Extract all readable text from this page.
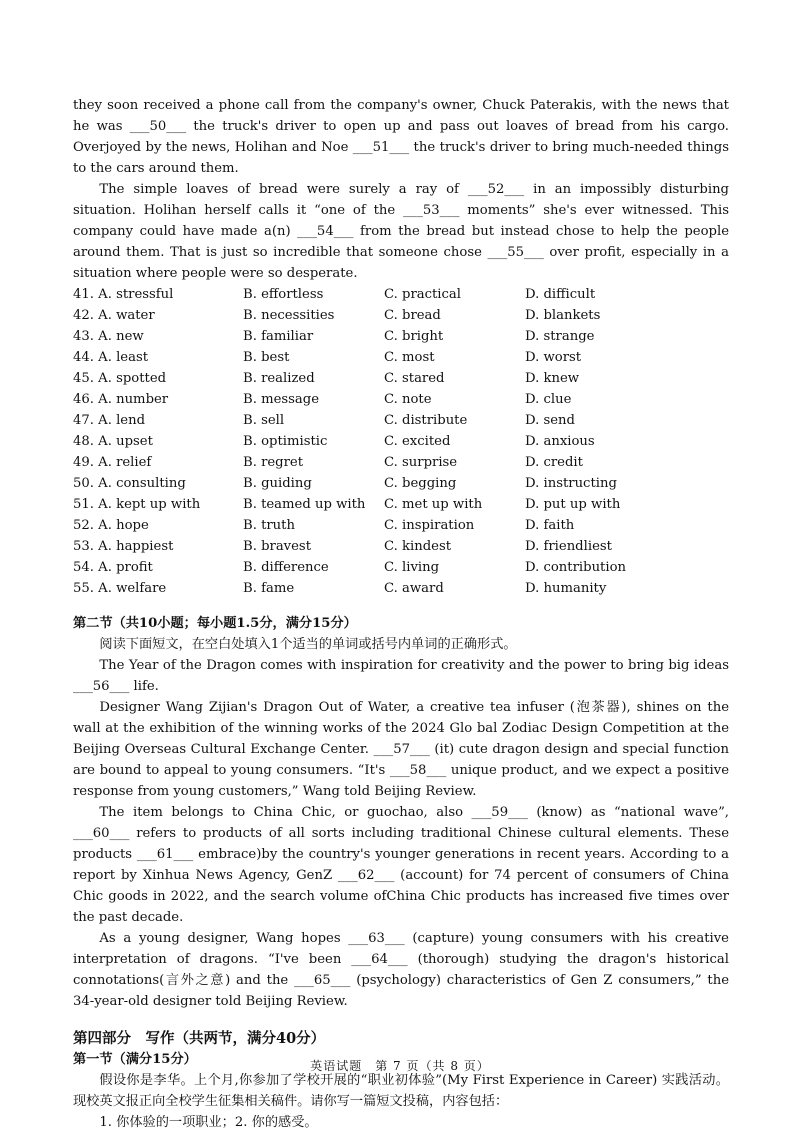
they soon received a phone call from the company's owner, Chuck Paterakis, with the news that he was ___50___ the truck's driver to open up and pass out loaves of bread from his cargo. Overjoyed by the news, Holihan and Noe ___51___ the truck's driver to bring much-needed things to the cars around them.

The simple loaves of bread were surely a ray of ___52___ in an impossibly disturbing situation. Holihan herself calls it “one of the ___53___ moments” she's ever witnessed. This company could have made a(n) ___54___ from the bread but instead chose to help the people around them. That is just so incredible that someone chose ___55___ over profit, especially in a situation where people were so desperate.

41. A. stressful	B. effortless	C. practical	D. difficult
42. A. water	B. necessities	C. bread	D. blankets
43. A. new	B. familiar	C. bright	D. strange
44. A. least	B. best	C. most	D. worst
45. A. spotted	B. realized	C. stared	D. knew
46. A. number	B. message	C. note	D. clue
47. A. lend	B. sell	C. distribute	D. send
48. A. upset	B. optimistic	C. excited	D. anxious
49. A. relief	B. regret	C. surprise	D. credit
50. A. consulting	B. guiding	C. begging	D. instructing
51. A. kept up with	B. teamed up with	C. met up with	D. put up with
52. A. hope	B. truth	C. inspiration	D. faith
53. A. happiest	B. bravest	C. kindest	D. friendliest
54. A. profit	B. difference	C. living	D. contribution
55. A. welfare	B. fame	C. award	D. humanity
第二节（共10小题；每小题1.5分，满分15分）

阅读下面短文，在空白处填入1个适当的单词或括号内单词的正确形式。

The Year of the Dragon comes with inspiration for creativity and the power to bring big ideas ___56___ life.

Designer Wang Zijian's Dragon Out of Water, a creative tea infuser (泡茶器), shines on the wall at the exhibition of the winning works of the 2024 Glo bal Zodiac Design Competition at the Beijing Overseas Cultural Exchange Center. ___57___ (it) cute dragon design and special function are bound to appeal to young consumers. “It's ___58___ unique product, and we expect a positive response from young customers,” Wang told Beijing Review.

The item belongs to China Chic, or guochao, also ___59___ (know) as “national wave”, ___60___ refers to products of all sorts including traditional Chinese cultural elements. These products ___61___ embrace)by the country's younger generations in recent years. According to a report by Xinhua News Agency, GenZ ___62___ (account) for 74 percent of consumers of China Chic goods in 2022, and the search volume ofChina Chic products has increased five times over the past decade.

As a young designer, Wang hopes ___63___ (capture) young consumers with his creative interpretation of dragons. “I've been ___64___ (thorough) studying the dragon's historical connotations(言外之意) and the ___65___ (psychology) characteristics of Gen Z consumers,” the 34-year-old designer told Beijing Review.

第四部分　写作（共两节，满分40分）
第一节（满分15分）

假设你是李华。上个月,你参加了学校开展的“职业初体验”(My First Experience in Career) 实践活动。现校英文报正向全校学生征集相关稿件。请你写一篇短文投稿，内容包括：

1. 你体验的一项职业；2. 你的感受。

英语试题　第 7 页（共 8 页）
